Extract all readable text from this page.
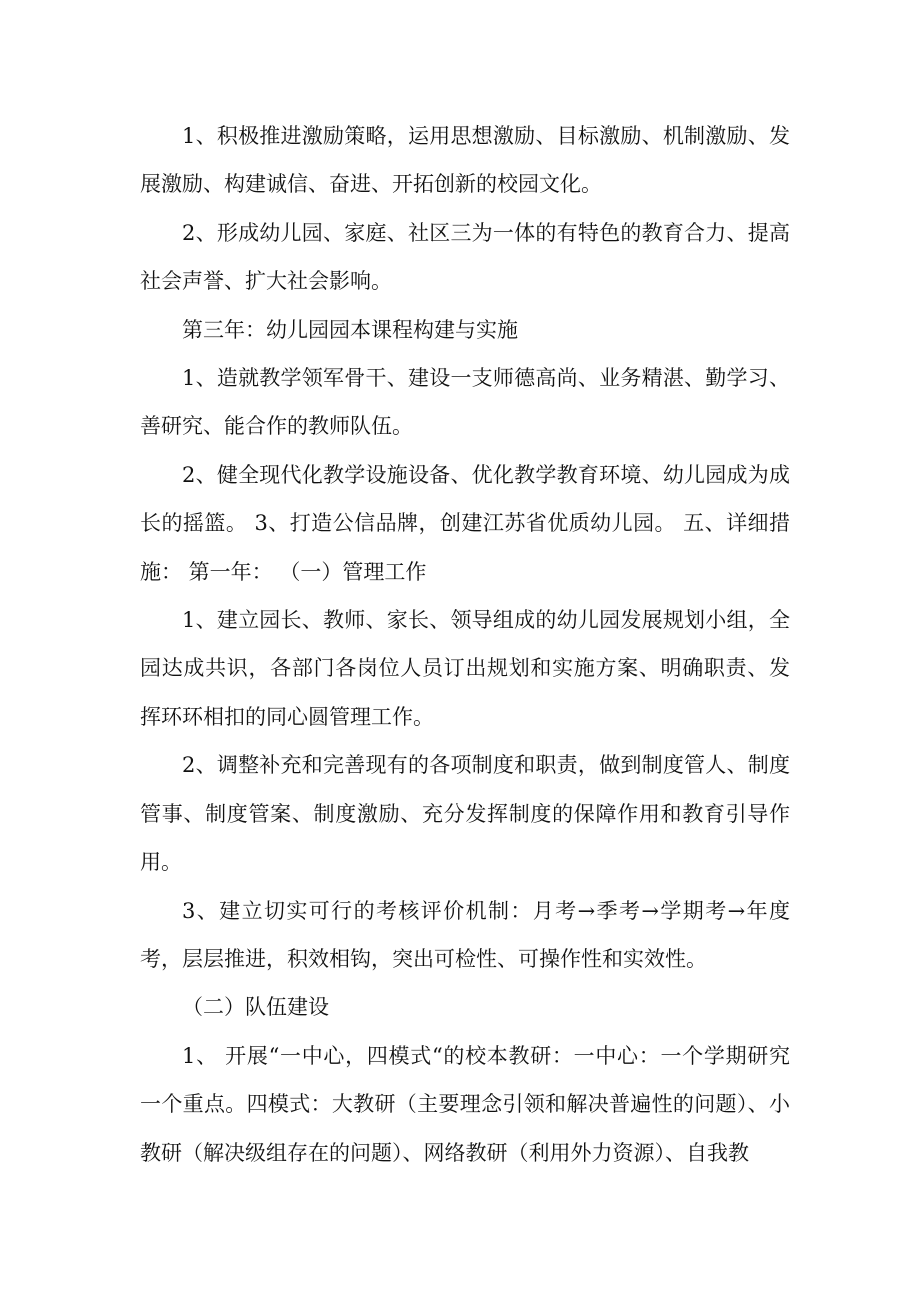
1、积极推进激励策略，运用思想激励、目标激励、机制激励、发展激励、构建诚信、奋进、开拓创新的校园文化。

2、形成幼儿园、家庭、社区三为一体的有特色的教育合力、提高社会声誉、扩大社会影响。

第三年：幼儿园园本课程构建与实施

1、造就教学领军骨干、建设一支师德高尚、业务精湛、勤学习、善研究、能合作的教师队伍。

2、健全现代化教学设施设备、优化教学教育环境、幼儿园成为成长的摇篮。 3、打造公信品牌，创建江苏省优质幼儿园。 五、详细措施： 第一年： （一）管理工作

1、建立园长、教师、家长、领导组成的幼儿园发展规划小组，全园达成共识，各部门各岗位人员订出规划和实施方案、明确职责、发挥环环相扣的同心圆管理工作。

2、调整补充和完善现有的各项制度和职责，做到制度管人、制度管事、制度管案、制度激励、充分发挥制度的保障作用和教育引导作用。

3、建立切实可行的考核评价机制：月考→季考→学期考→年度考，层层推进，积效相钩，突出可检性、可操作性和实效性。

（二）队伍建设

1、 开展“一中心，四模式“的校本教研：一中心：一个学期研究一个重点。四模式：大教研（主要理念引领和解决普遍性的问题）、小教研（解决级组存在的问题）、网络教研（利用外力资源）、自我教
